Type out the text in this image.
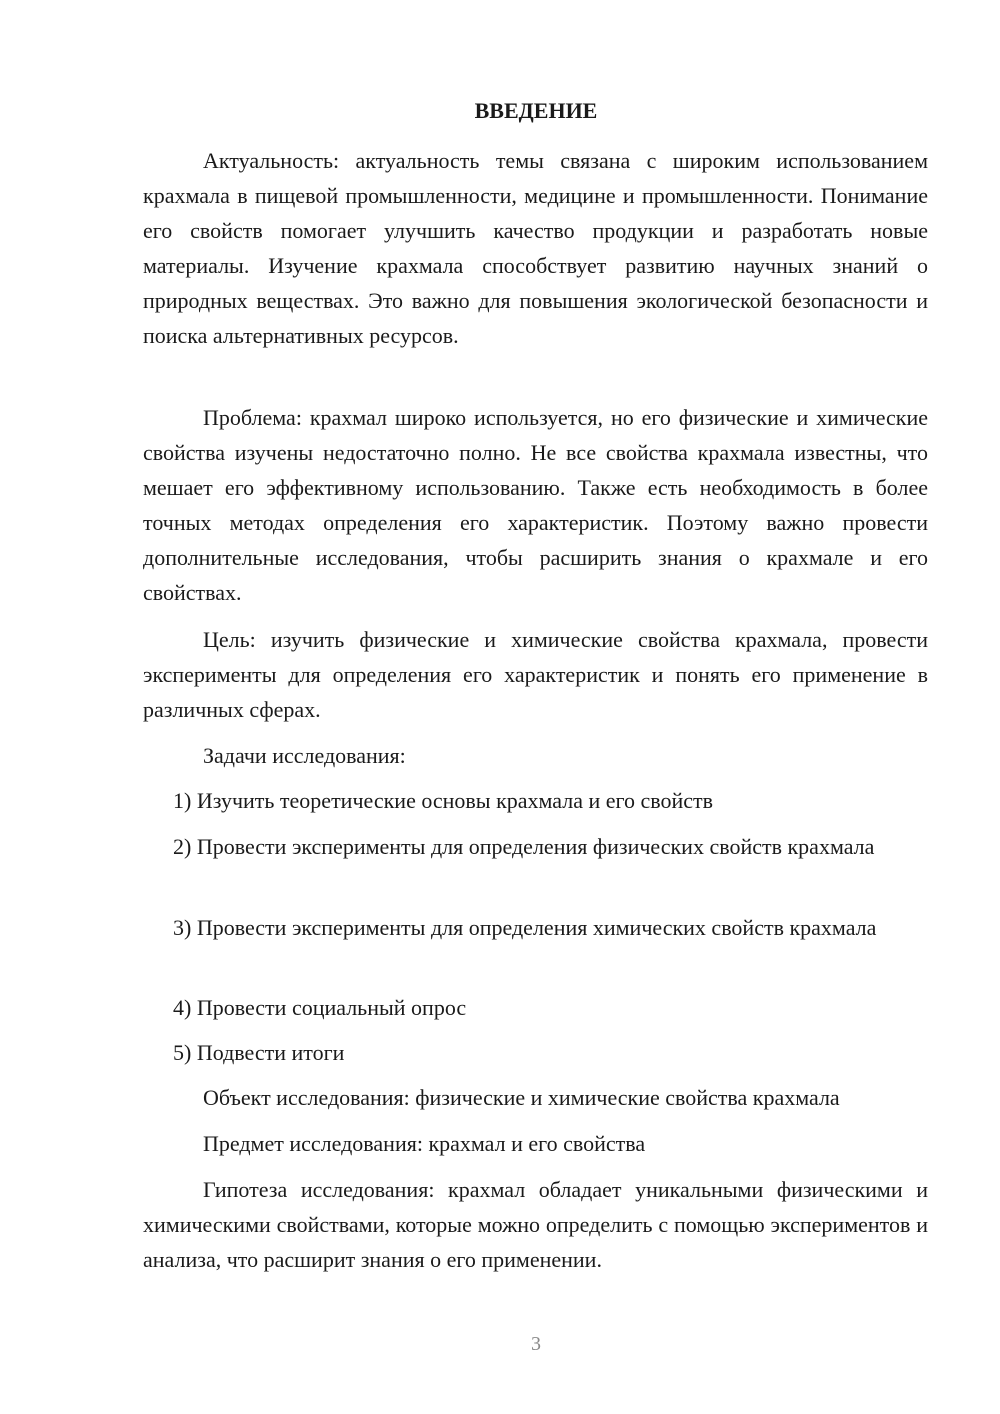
ВВЕДЕНИЕ

Актуальность: актуальность темы связана с широким использованием крахмала в пищевой промышленности, медицине и промышленности. Понимание его свойств помогает улучшить качество продукции и разработать новые материалы. Изучение крахмала способствует развитию научных знаний о природных веществах. Это важно для повышения экологической безопасности и поиска альтернативных ресурсов.

Проблема: крахмал широко используется, но его физические и химические свойства изучены недостаточно полно. Не все свойства крахмала известны, что мешает его эффективному использованию. Также есть необходимость в более точных методах определения его характеристик. Поэтому важно провести дополнительные исследования, чтобы расширить знания о крахмале и его свойствах.

Цель: изучить физические и химические свойства крахмала, провести эксперименты для определения его характеристик и понять его применение в различных сферах.

Задачи исследования:

1) Изучить теоретические основы крахмала и его свойств

2) Провести эксперименты для определения физических свойств крахмала

3) Провести эксперименты для определения химических свойств крахмала

4) Провести социальный опрос

5) Подвести итоги

Объект исследования: физические и химические свойства крахмала

Предмет исследования: крахмал и его свойства

Гипотеза исследования: крахмал обладает уникальными физическими и химическими свойствами, которые можно определить с помощью экспериментов и анализа, что расширит знания о его применении.

3
